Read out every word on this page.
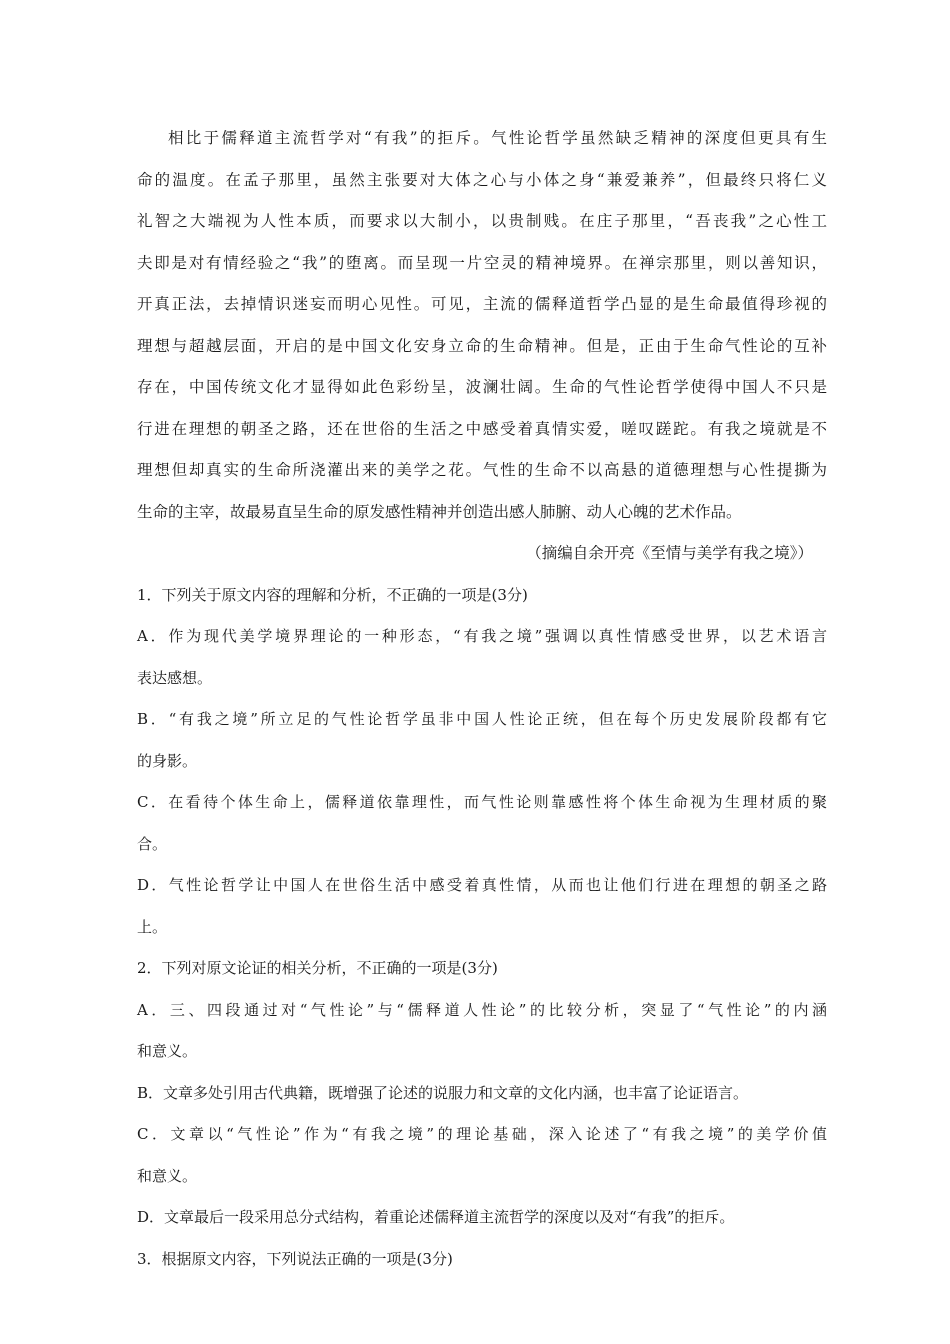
相比于儒释道主流哲学对“有我”的拒斥。气性论哲学虽然缺乏精神的深度但更具有生
命的温度。在孟子那里，虽然主张要对大体之心与小体之身“兼爱兼养”，但最终只将仁义
礼智之大端视为人性本质，而要求以大制小，以贵制贱。在庄子那里，“吾丧我”之心性工
夫即是对有情经验之“我”的堕离。而呈现一片空灵的精神境界。在禅宗那里，则以善知识，
开真正法，去掉情识迷妄而明心见性。可见，主流的儒释道哲学凸显的是生命最值得珍视的
理想与超越层面，开启的是中国文化安身立命的生命精神。但是，正由于生命气性论的互补
存在，中国传统文化才显得如此色彩纷呈，波澜壮阔。生命的气性论哲学使得中国人不只是
行进在理想的朝圣之路，还在世俗的生活之中感受着真情实爱，嗟叹蹉跎。有我之境就是不
理想但却真实的生命所浇灌出来的美学之花。气性的生命不以高悬的道德理想与心性提撕为
生命的主宰，故最易直呈生命的原发感性精神并创造出感人肺腑、动人心魄的艺术作品。
（摘编自余开亮《至情与美学有我之境》）
1．下列关于原文内容的理解和分析，不正确的一项是(3分)
A．作为现代美学境界理论的一种形态，“有我之境”强调以真性情感受世界，以艺术语言
表达感想。
B．“有我之境”所立足的气性论哲学虽非中国人性论正统，但在每个历史发展阶段都有它
的身影。
C．在看待个体生命上，儒释道依靠理性，而气性论则靠感性将个体生命视为生理材质的聚
合。
D．气性论哲学让中国人在世俗生活中感受着真性情，从而也让他们行进在理想的朝圣之路
上。
2．下列对原文论证的相关分析，不正确的一项是(3分)
A．三、四段通过对“气性论”与“儒释道人性论”的比较分析，突显了“气性论”的内涵
和意义。
B．文章多处引用古代典籍，既增强了论述的说服力和文章的文化内涵，也丰富了论证语言。
C．文章以“气性论”作为“有我之境”的理论基础，深入论述了“有我之境”的美学价值
和意义。
D．文章最后一段采用总分式结构，着重论述儒释道主流哲学的深度以及对“有我”的拒斥。
3．根据原文内容，下列说法正确的一项是(3分)
